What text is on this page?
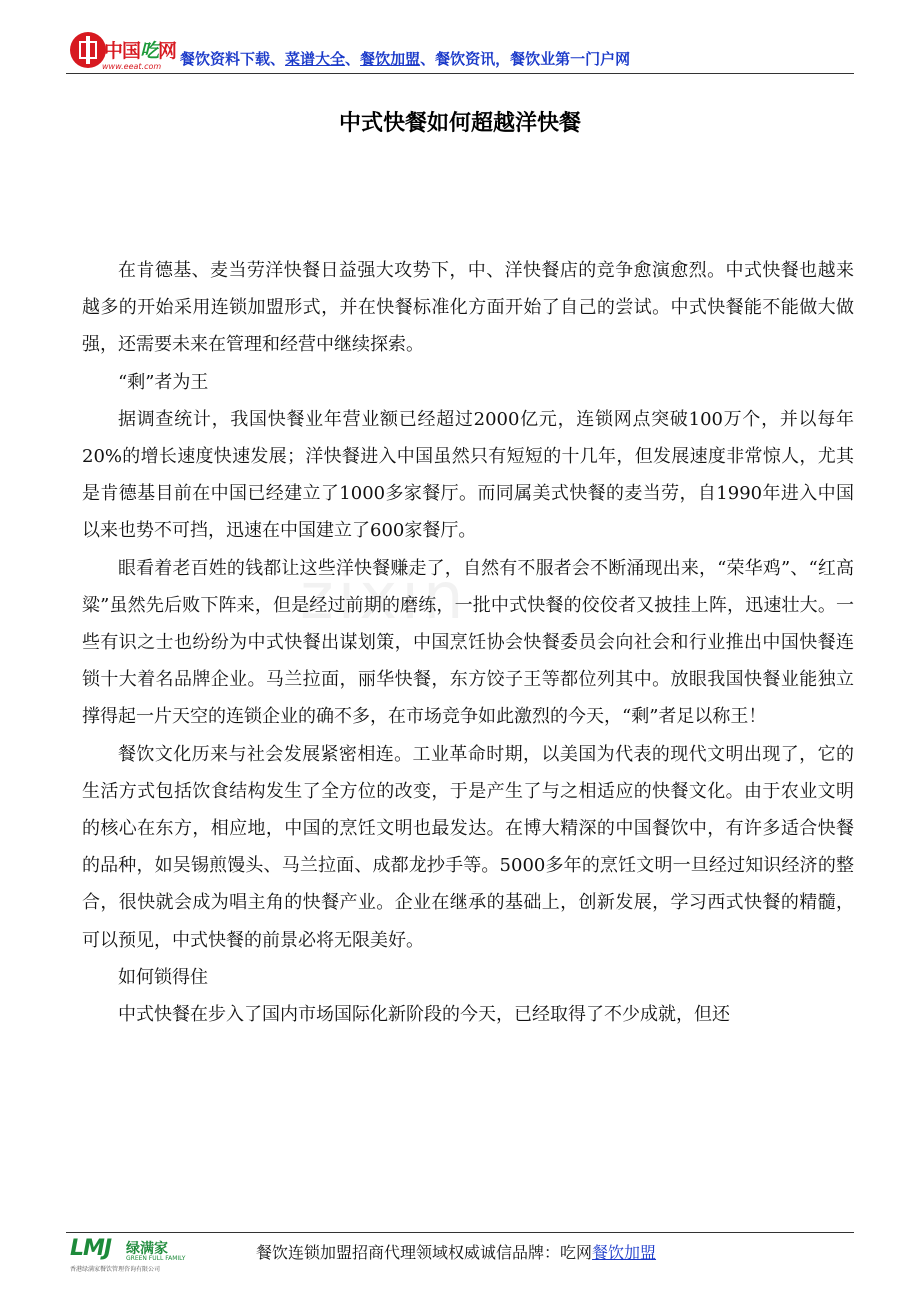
中国吃网
www.eeat.com 餐饮资料下载、菜谱大全、餐饮加盟、餐饮资讯，餐饮业第一门户网
中式快餐如何超越洋快餐
zixin

在肯德基、麦当劳洋快餐日益强大攻势下，中、洋快餐店的竞争愈演愈烈。中式快餐也越来越多的开始采用连锁加盟形式，并在快餐标准化方面开始了自己的尝试。中式快餐能不能做大做强，还需要未来在管理和经营中继续探索。

“剩”者为王

据调查统计，我国快餐业年营业额已经超过2000亿元，连锁网点突破100万个，并以每年20%的增长速度快速发展；洋快餐进入中国虽然只有短短的十几年，但发展速度非常惊人，尤其是肯德基目前在中国已经建立了1000多家餐厅。而同属美式快餐的麦当劳，自1990年进入中国以来也势不可挡，迅速在中国建立了600家餐厅。

眼看着老百姓的钱都让这些洋快餐赚走了，自然有不服者会不断涌现出来，“荣华鸡”、“红高粱”虽然先后败下阵来，但是经过前期的磨练，一批中式快餐的佼佼者又披挂上阵，迅速壮大。一些有识之士也纷纷为中式快餐出谋划策，中国烹饪协会快餐委员会向社会和行业推出中国快餐连锁十大着名品牌企业。马兰拉面，丽华快餐，东方饺子王等都位列其中。放眼我国快餐业能独立撑得起一片天空的连锁企业的确不多，在市场竞争如此激烈的今天，“剩”者足以称王！

餐饮文化历来与社会发展紧密相连。工业革命时期，以美国为代表的现代文明出现了，它的生活方式包括饮食结构发生了全方位的改变，于是产生了与之相适应的快餐文化。由于农业文明的核心在东方，相应地，中国的烹饪文明也最发达。在博大精深的中国餐饮中，有许多适合快餐的品种，如吴锡煎馒头、马兰拉面、成都龙抄手等。5000多年的烹饪文明一旦经过知识经济的整合，很快就会成为唱主角的快餐产业。企业在继承的基础上，创新发展，学习西式快餐的精髓，可以预见，中式快餐的前景必将无限美好。

如何锁得住

中式快餐在步入了国内市场国际化新阶段的今天，已经取得了不少成就，但还

LMJ 绿满家
GREEN FULL FAMILY
香港绿满家餐饮管理咨询有限公司
餐饮连锁加盟招商代理领域权威诚信品牌：吃网餐饮加盟
